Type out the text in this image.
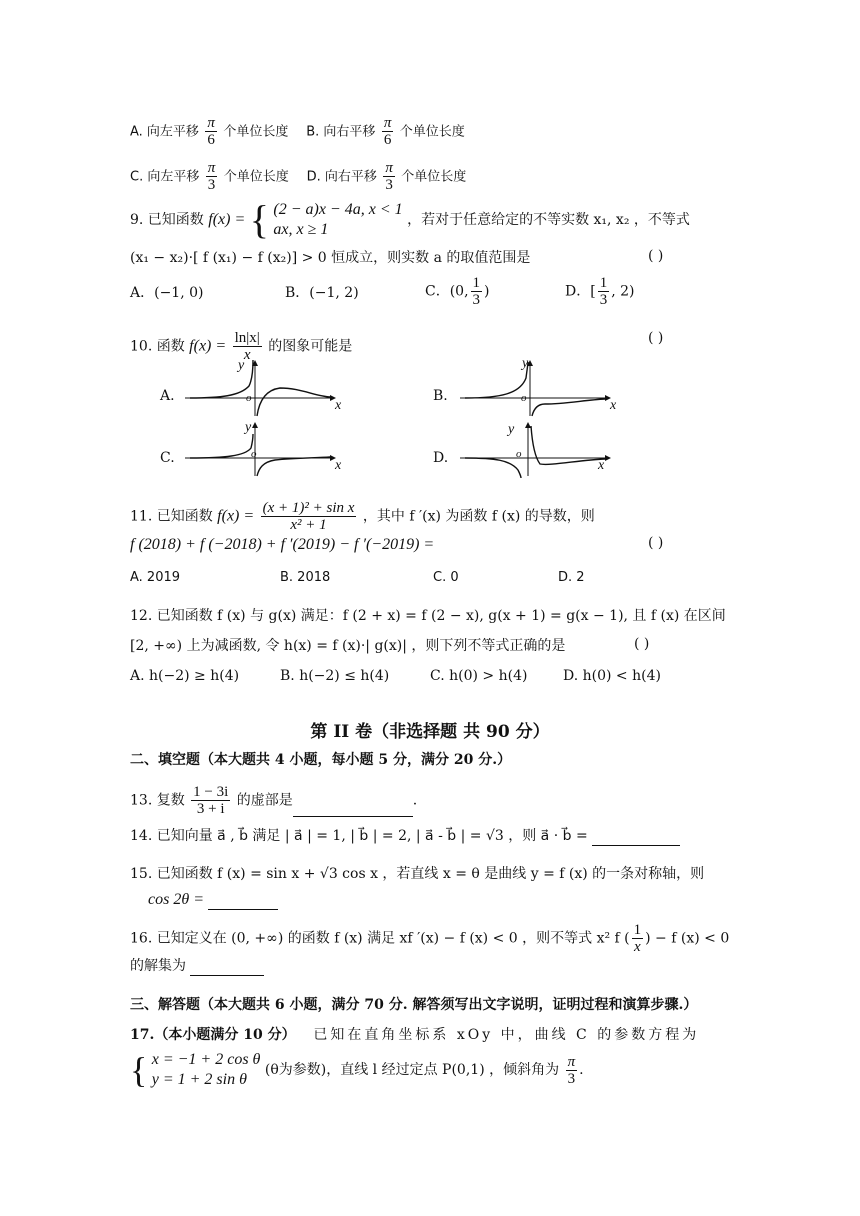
A. 向左平移 $\frac{\pi}{6}$ 个单位长度 B. 向右平移 $\frac{\pi}{6}$ 个单位长度
C. 向左平移 $\frac{\pi}{3}$ 个单位长度 D. 向右平移 $\frac{\pi}{3}$ 个单位长度
9. 已知函数 f(x) = { (2 − a)x − 4a, x < 1
ax, x ≥ 1
，若对于任意给定的不等实数 x₁, x₂ ，不等式
(x₁ − x₂)·[ f (x₁) − f (x₂)] > 0 恒成立，则实数 a 的取值范围是	( )
A．(−1, 0)	B．(−1, 2)	C．(0, $\frac{1}{3}$ )	D．[ $\frac{1}{3}$ , 2)
10. 函数 $f(x) = \frac{\ln|x|}{x}$ 的图象可能是
( )
A.
y
o	x
B.
y
o	x
C.
y
o
x	D.
y
o
x
11. 已知函数 $f(x) = \frac{\text{(x + 1)² + sin x}}{\text{x² + 1}}$ ，其中 f ′(x) 为函数 f (x) 的导数，则
f (2018) + f (−2018) + f ′(2019) − f ′(−2019) =	( )
A. 2019	B. 2018	C. 0	D. 2
12. 已知函数 f (x) 与 g(x) 满足：f (2 + x) = f (2 − x), g(x + 1) = g(x − 1), 且 f (x) 在区间
[2, +∞) 上为减函数, 令 h(x) = f (x)·| g(x)| ，则下列不等式正确的是	( )
A. h(−2) ≥ h(4)	B. h(−2) ≤ h(4)	C. h(0) > h(4)	D. h(0) < h(4)
第 II 卷（非选择题 共 90 分）
二、填空题（本大题共 4 小题，每小题 5 分，满分 20 分.）
13. 复数 $\frac{1 - 3i}{3 + i}$ 的虚部是	.
14. 已知向量 a⃗ , b⃗ 满足 | a⃗ | = 1, | b⃗ | = 2, | a⃗ - b⃗ | = √3 ，则 a⃗ · b⃗ =
15. 已知函数 f (x) = sin x + √3 cos x ，若直线 x = θ 是曲线 y = f (x) 的一条对称轴，则
cos 2θ =
16. 已知定义在 (0, +∞) 的函数 f (x) 满足 xf ′(x) − f (x) < 0 ，则不等式 x² f ( $\frac{1}{x}$ ) − f (x) < 0
的解集为
三、解答题（本大题共 6 小题，满分 70 分. 解答须写出文字说明，证明过程和演算步骤.）
17.（本小题满分 10 分） 已知在直角坐标系 xOy 中，曲线 C 的参数方程为
{ x = −1 + 2 cos θ
y = 1 + 2 sin θ
(θ为参数)，直线 l 经过定点 P(0,1) ，倾斜角为 $\frac{\pi}{3}$ .
